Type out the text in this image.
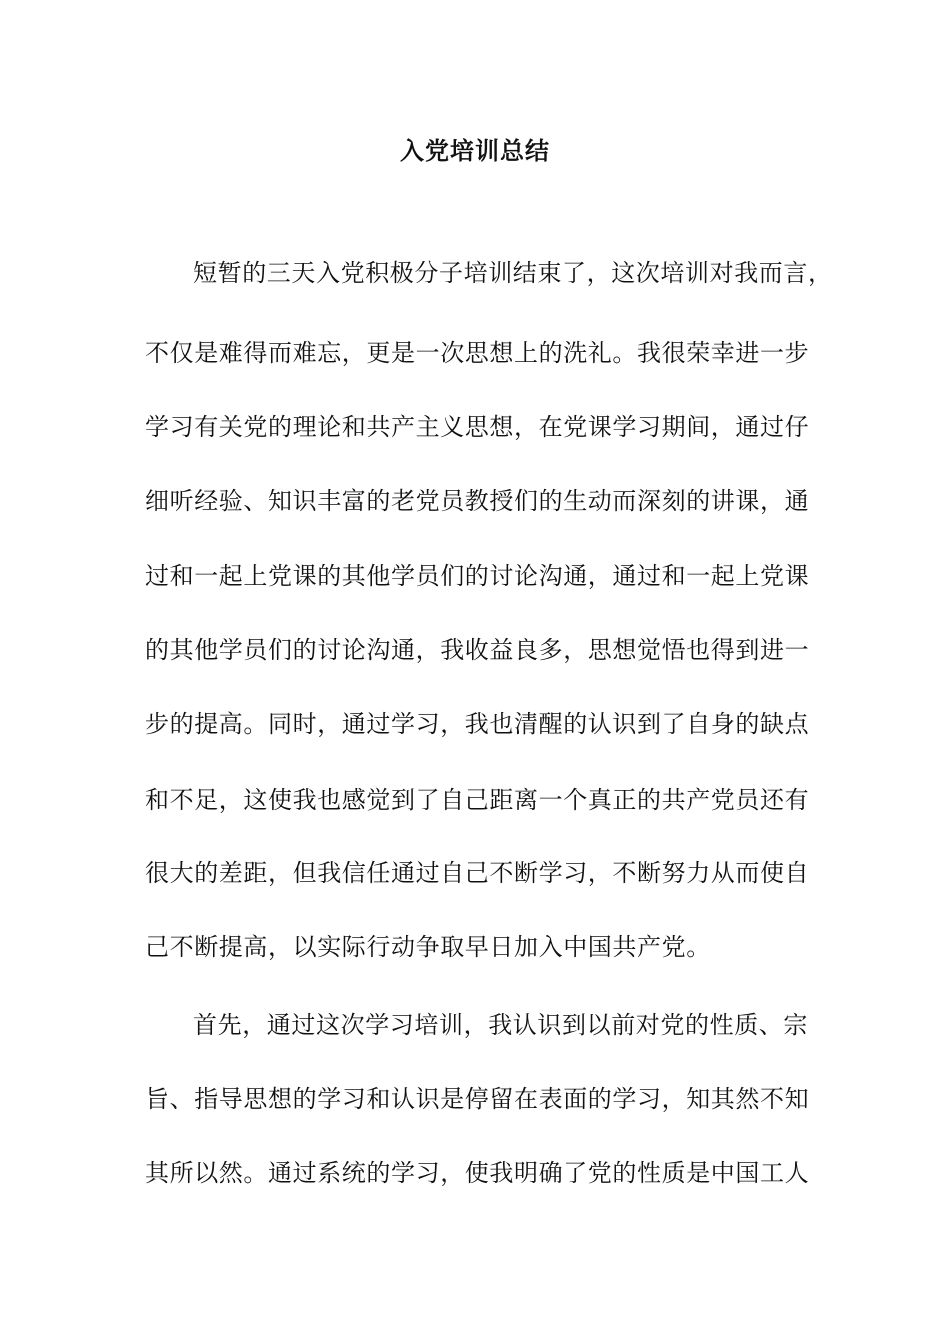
入党培训总结
短暂的三天入党积极分子培训结束了，这次培训对我而言，
不仅是难得而难忘，更是一次思想上的洗礼。我很荣幸进一步
学习有关党的理论和共产主义思想，在党课学习期间，通过仔
细听经验、知识丰富的老党员教授们的生动而深刻的讲课，通
过和一起上党课的其他学员们的讨论沟通，通过和一起上党课
的其他学员们的讨论沟通，我收益良多，思想觉悟也得到进一
步的提高。同时，通过学习，我也清醒的认识到了自身的缺点
和不足，这使我也感觉到了自己距离一个真正的共产党员还有
很大的差距，但我信任通过自己不断学习，不断努力从而使自
己不断提高，以实际行动争取早日加入中国共产党。
首先，通过这次学习培训，我认识到以前对党的性质、宗
旨、指导思想的学习和认识是停留在表面的学习，知其然不知
其所以然。通过系统的学习，使我明确了党的性质是中国工人
